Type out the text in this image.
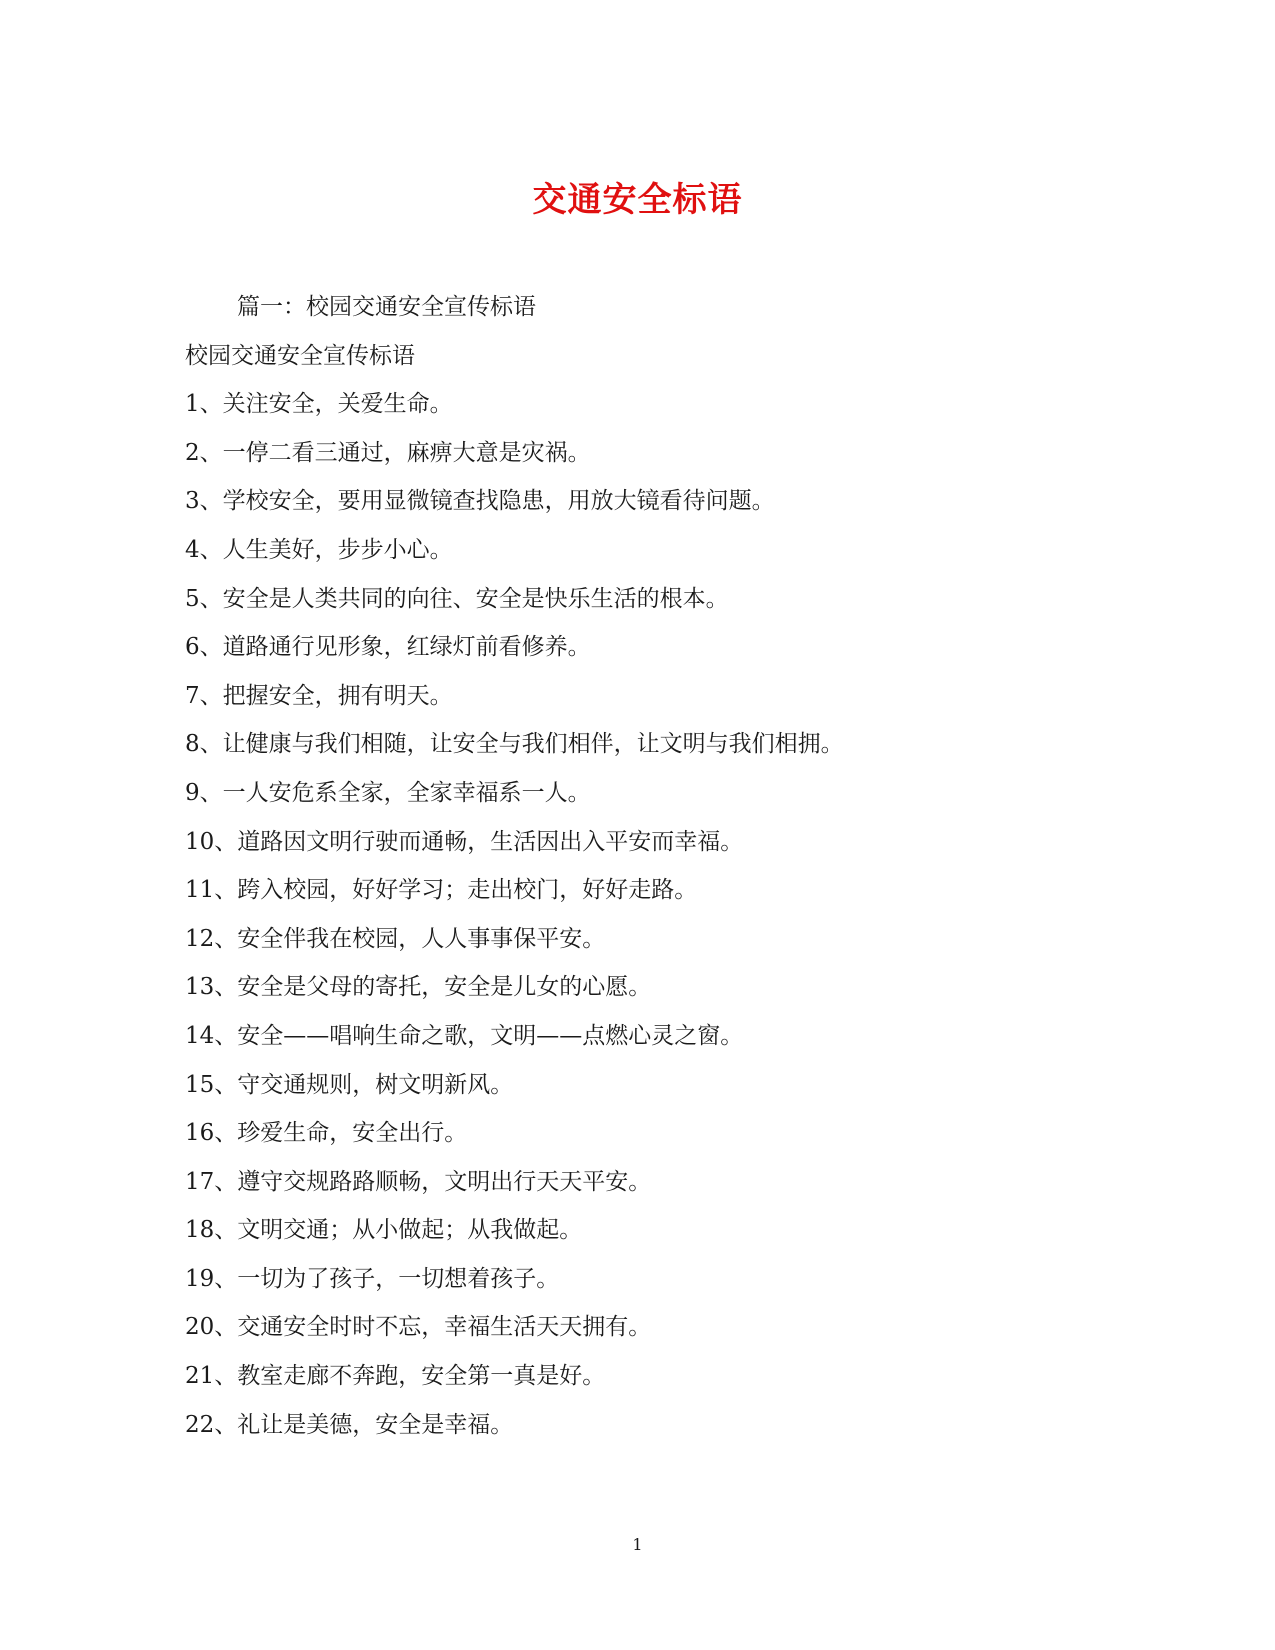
交通安全标语
篇一：校园交通安全宣传标语
校园交通安全宣传标语
1、关注安全，关爱生命。
2、一停二看三通过，麻痹大意是灾祸。
3、学校安全，要用显微镜查找隐患，用放大镜看待问题。
4、人生美好，步步小心。
5、安全是人类共同的向往、安全是快乐生活的根本。
6、道路通行见形象，红绿灯前看修养。
7、把握安全，拥有明天。
8、让健康与我们相随，让安全与我们相伴，让文明与我们相拥。
9、一人安危系全家，全家幸福系一人。
10、道路因文明行驶而通畅，生活因出入平安而幸福。
11、跨入校园，好好学习；走出校门，好好走路。
12、安全伴我在校园，人人事事保平安。
13、安全是父母的寄托，安全是儿女的心愿。
14、安全——唱响生命之歌，文明——点燃心灵之窗。
15、守交通规则，树文明新风。
16、珍爱生命，安全出行。
17、遵守交规路路顺畅，文明出行天天平安。
18、文明交通；从小做起；从我做起。
19、一切为了孩子，一切想着孩子。
20、交通安全时时不忘，幸福生活天天拥有。
21、教室走廊不奔跑，安全第一真是好。
22、礼让是美德，安全是幸福。
1
